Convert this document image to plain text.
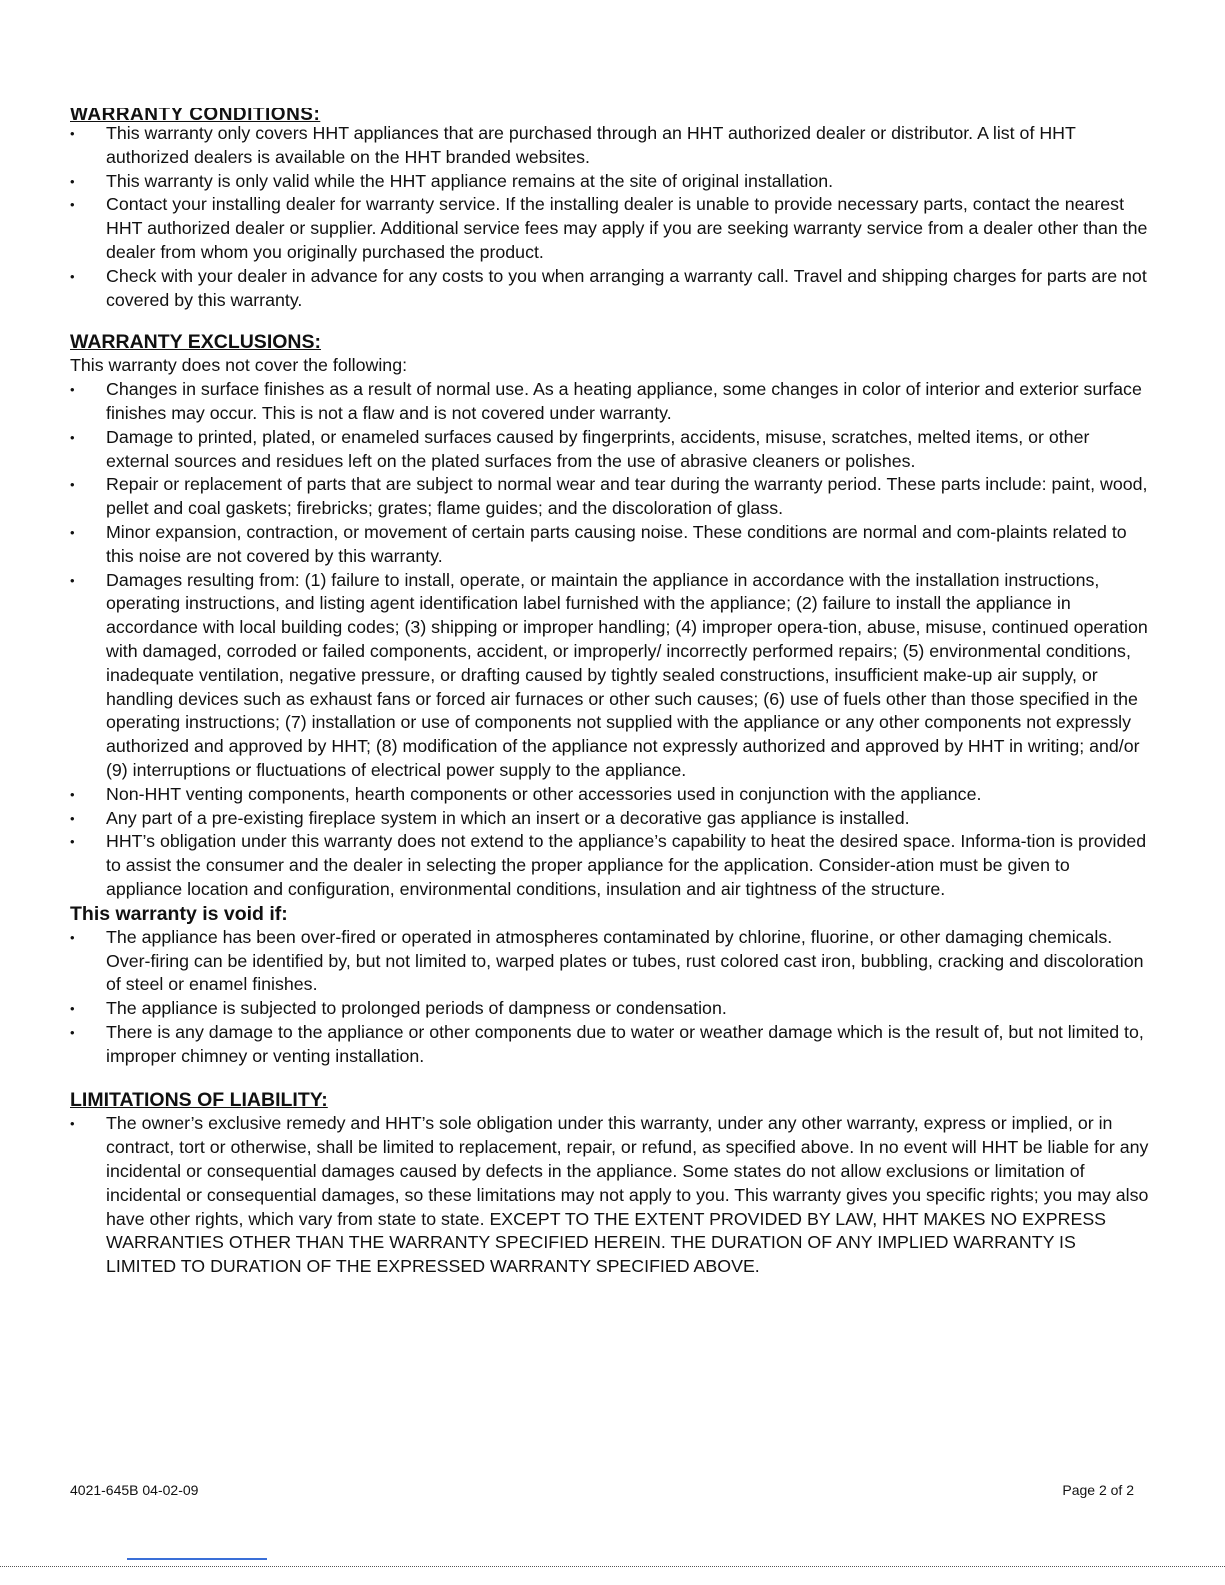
WARRANTY CONDITIONS:
• This warranty only covers HHT appliances that are purchased through an HHT authorized dealer or distributor. A list of HHT authorized dealers is available on the HHT branded websites.
• This warranty is only valid while the HHT appliance remains at the site of original installation.
• Contact your installing dealer for warranty service. If the installing dealer is unable to provide necessary parts, contact the nearest HHT authorized dealer or supplier. Additional service fees may apply if you are seeking warranty service from a dealer other than the dealer from whom you originally purchased the product.
• Check with your dealer in advance for any costs to you when arranging a warranty call. Travel and shipping charges for parts are not covered by this warranty.
WARRANTY EXCLUSIONS:

This warranty does not cover the following:

• Changes in surface finishes as a result of normal use. As a heating appliance, some changes in color of interior and exterior surface finishes may occur. This is not a flaw and is not covered under warranty.
• Damage to printed, plated, or enameled surfaces caused by fingerprints, accidents, misuse, scratches, melted items, or other external sources and residues left on the plated surfaces from the use of abrasive cleaners or polishes.
• Repair or replacement of parts that are subject to normal wear and tear during the warranty period. These parts include: paint, wood, pellet and coal gaskets; firebricks; grates; flame guides; and the discoloration of glass.
• Minor expansion, contraction, or movement of certain parts causing noise. These conditions are normal and com-plaints related to this noise are not covered by this warranty.
• Damages resulting from: (1) failure to install, operate, or maintain the appliance in accordance with the installation instructions, operating instructions, and listing agent identification label furnished with the appliance; (2) failure to install the appliance in accordance with local building codes; (3) shipping or improper handling; (4) improper opera-tion, abuse, misuse, continued operation with damaged, corroded or failed components, accident, or improperly/ incorrectly performed repairs; (5) environmental conditions, inadequate ventilation, negative pressure, or drafting caused by tightly sealed constructions, insufficient make-up air supply, or handling devices such as exhaust fans or forced air furnaces or other such causes; (6) use of fuels other than those specified in the operating instructions; (7) installation or use of components not supplied with the appliance or any other components not expressly authorized and approved by HHT; (8) modification of the appliance not expressly authorized and approved by HHT in writing; and/or (9) interruptions or fluctuations of electrical power supply to the appliance.
• Non-HHT venting components, hearth components or other accessories used in conjunction with the appliance.
• Any part of a pre-existing fireplace system in which an insert or a decorative gas appliance is installed.
• HHT’s obligation under this warranty does not extend to the appliance’s capability to heat the desired space. Informa-tion is provided to assist the consumer and the dealer in selecting the proper appliance for the application. Consider-ation must be given to appliance location and configuration, environmental conditions, insulation and air tightness of the structure.
This warranty is void if:
• The appliance has been over-fired or operated in atmospheres contaminated by chlorine, fluorine, or other damaging chemicals. Over-firing can be identified by, but not limited to, warped plates or tubes, rust colored cast iron, bubbling, cracking and discoloration of steel or enamel finishes.
• The appliance is subjected to prolonged periods of dampness or condensation.
• There is any damage to the appliance or other components due to water or weather damage which is the result of, but not limited to, improper chimney or venting installation.
LIMITATIONS OF LIABILITY:
• The owner’s exclusive remedy and HHT’s sole obligation under this warranty, under any other warranty, express or implied, or in contract, tort or otherwise, shall be limited to replacement, repair, or refund, as specified above. In no event will HHT be liable for any incidental or consequential damages caused by defects in the appliance. Some states do not allow exclusions or limitation of incidental or consequential damages, so these limitations may not apply to you. This warranty gives you specific rights; you may also have other rights, which vary from state to state. EXCEPT TO THE EXTENT PROVIDED BY LAW, HHT MAKES NO EXPRESS WARRANTIES OTHER THAN THE WARRANTY SPECIFIED HEREIN. THE DURATION OF ANY IMPLIED WARRANTY IS LIMITED TO DURATION OF THE EXPRESSED WARRANTY SPECIFIED ABOVE.
4021-645B 04-02-09	Page 2 of 2
